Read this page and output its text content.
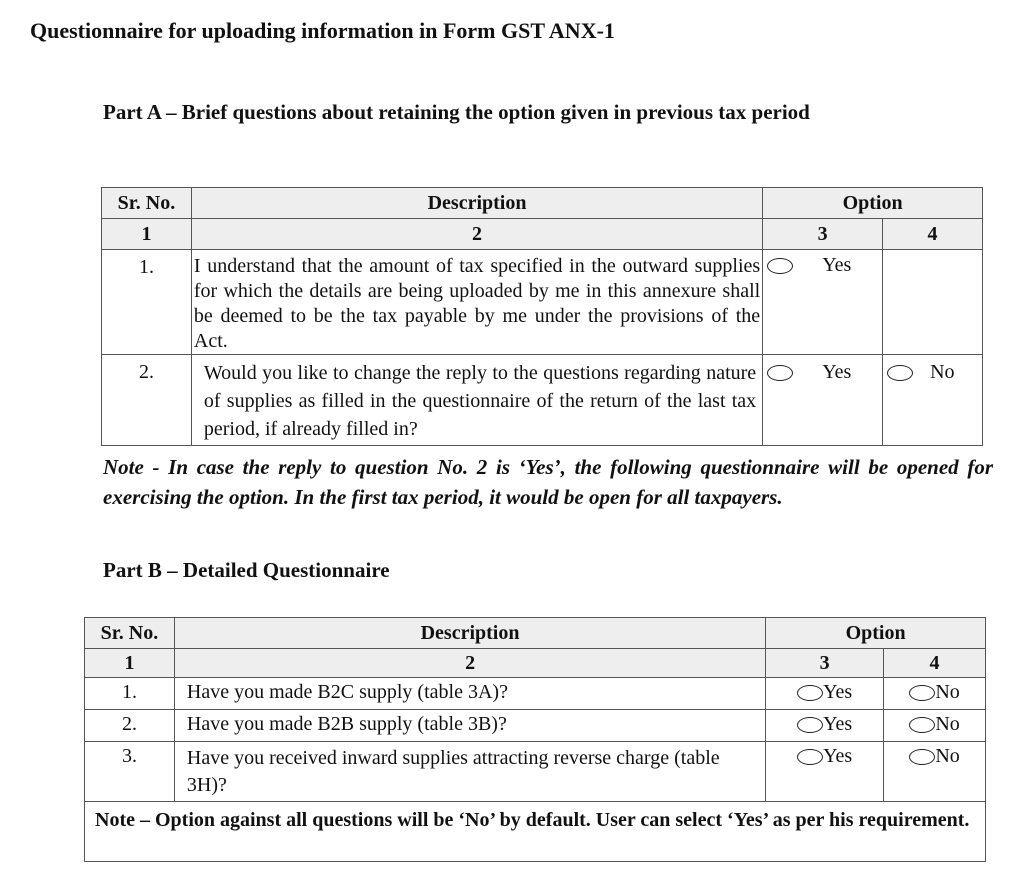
Questionnaire for uploading information in Form GST ANX-1
Part A – Brief questions about retaining the option given in previous tax period
Sr. No.	Description	Option	
1	2	3	4
1.	I understand that the amount of tax specified in the outward supplies for which the details are being uploaded by me in this annexure shall be deemed to be the tax payable by me under the provisions of the Act.	Yes	
2.	Would you like to change the reply to the questions regarding nature of supplies as filled in the questionnaire of the return of the last tax period, if already filled in?	Yes	No
Note - In case the reply to question No. 2 is ‘Yes’, the following questionnaire will be opened for exercising the option. In the first tax period, it would be open for all taxpayers.
Part B – Detailed Questionnaire
Sr. No.	Description	Option	
1	2	3	4
1.	Have you made B2C supply (table 3A)?	Yes	No
2.	Have you made B2B supply (table 3B)?	Yes	No
3.	Have you received inward supplies attracting reverse charge (table 3H)?	Yes	No
Note – Option against all questions will be ‘No’ by default. User can select ‘Yes’ as per his requirement.			
